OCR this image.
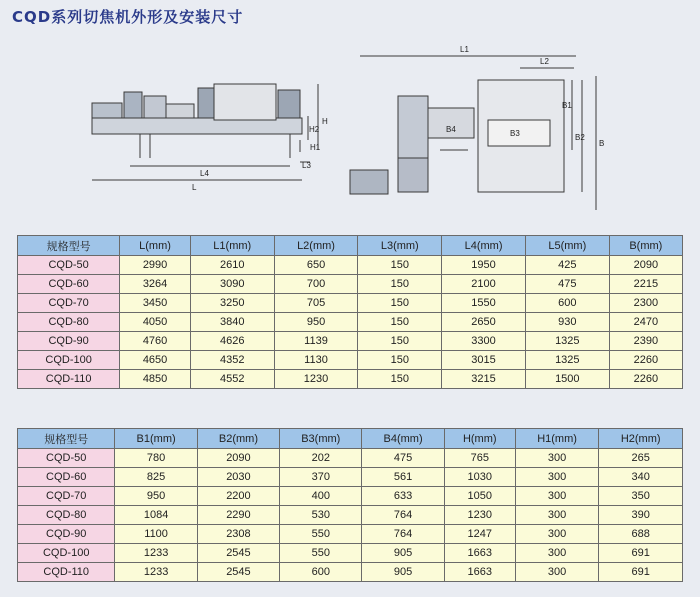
CQD系列切焦机外形及安装尺寸
L4
L
H
H1
H2
L3
L1
L2
B1
B2
B3
B4
B
规格型号	L(mm)	L1(mm)	L2(mm)	L3(mm)	L4(mm)	L5(mm)	B(mm)
CQD-50	2990	2610	650	150	1950	425	2090
CQD-60	3264	3090	700	150	2100	475	2215
CQD-70	3450	3250	705	150	1550	600	2300
CQD-80	4050	3840	950	150	2650	930	2470
CQD-90	4760	4626	1139	150	3300	1325	2390
CQD-100	4650	4352	1130	150	3015	1325	2260
CQD-110	4850	4552	1230	150	3215	1500	2260
规格型号	B1(mm)	B2(mm)	B3(mm)	B4(mm)	H(mm)	H1(mm)	H2(mm)
CQD-50	780	2090	202	475	765	300	265
CQD-60	825	2030	370	561	1030	300	340
CQD-70	950	2200	400	633	1050	300	350
CQD-80	1084	2290	530	764	1230	300	390
CQD-90	1100	2308	550	764	1247	300	688
CQD-100	1233	2545	550	905	1663	300	691
CQD-110	1233	2545	600	905	1663	300	691
